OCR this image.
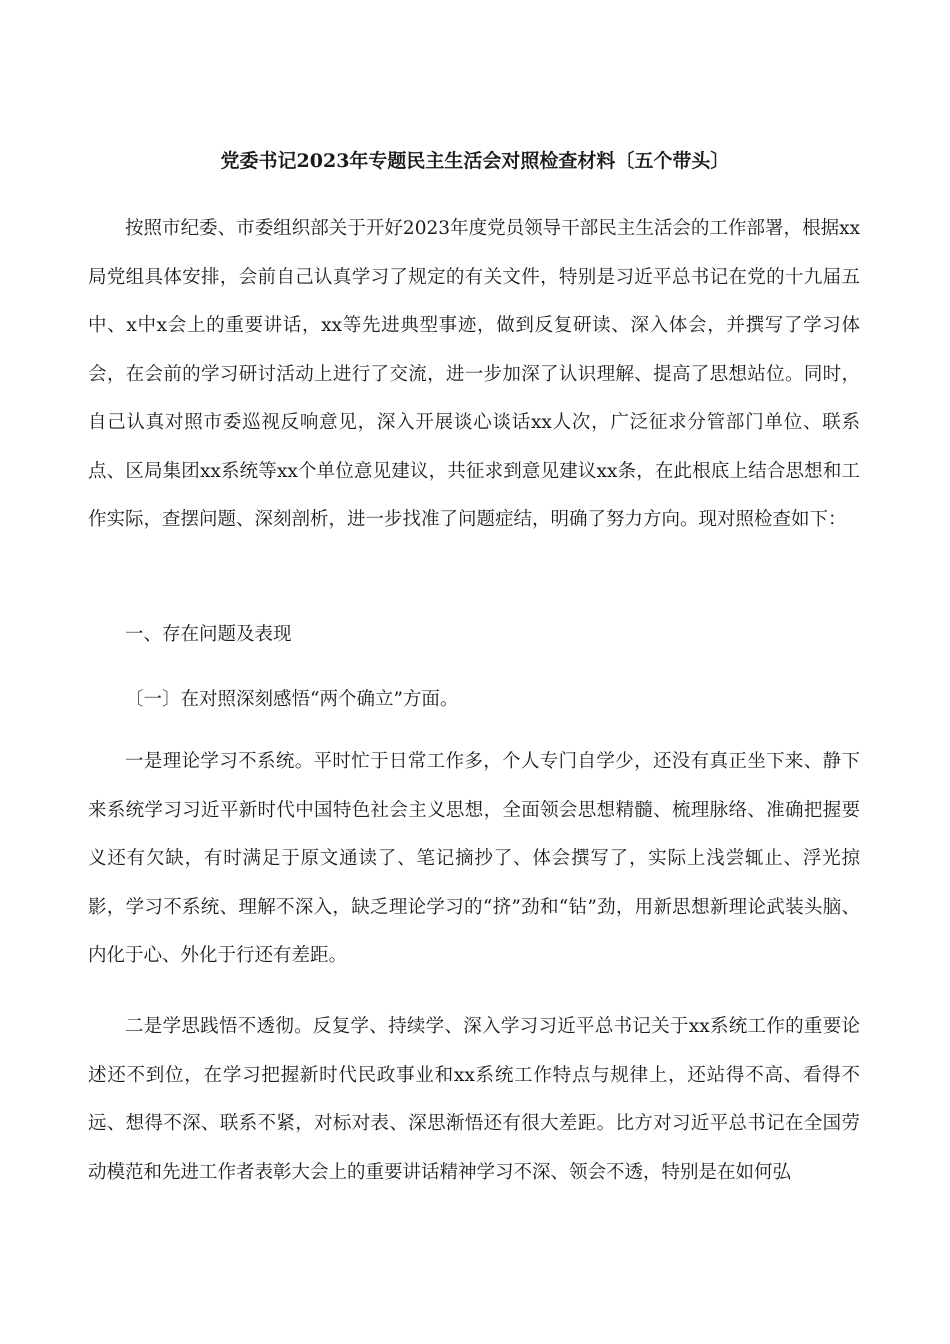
党委书记2023年专题民主生活会对照检查材料〔五个带头〕

按照市纪委、市委组织部关于开好2023年度党员领导干部民主生活会的工作部署，根据xx局党组具体安排，会前自己认真学习了规定的有关文件，特别是习近平总书记在党的十九届五中、x中x会上的重要讲话，xx等先进典型事迹，做到反复研读、深入体会，并撰写了学习体会，在会前的学习研讨活动上进行了交流，进一步加深了认识理解、提高了思想站位。同时，自己认真对照市委巡视反响意见，深入开展谈心谈话xx人次，广泛征求分管部门单位、联系点、区局集团xx系统等xx个单位意见建议，共征求到意见建议xx条，在此根底上结合思想和工作实际，查摆问题、深刻剖析，进一步找准了问题症结，明确了努力方向。现对照检查如下：

一、存在问题及表现

〔一〕在对照深刻感悟“两个确立”方面。

一是理论学习不系统。平时忙于日常工作多，个人专门自学少，还没有真正坐下来、静下来系统学习习近平新时代中国特色社会主义思想，全面领会思想精髓、梳理脉络、准确把握要义还有欠缺，有时满足于原文通读了、笔记摘抄了、体会撰写了，实际上浅尝辄止、浮光掠影，学习不系统、理解不深入，缺乏理论学习的“挤”劲和“钻”劲，用新思想新理论武装头脑、内化于心、外化于行还有差距。

二是学思践悟不透彻。反复学、持续学、深入学习习近平总书记关于xx系统工作的重要论述还不到位，在学习把握新时代民政事业和xx系统工作特点与规律上，还站得不高、看得不远、想得不深、联系不紧，对标对表、深思渐悟还有很大差距。比方对习近平总书记在全国劳动模范和先进工作者表彰大会上的重要讲话精神学习不深、领会不透，特别是在如何弘
